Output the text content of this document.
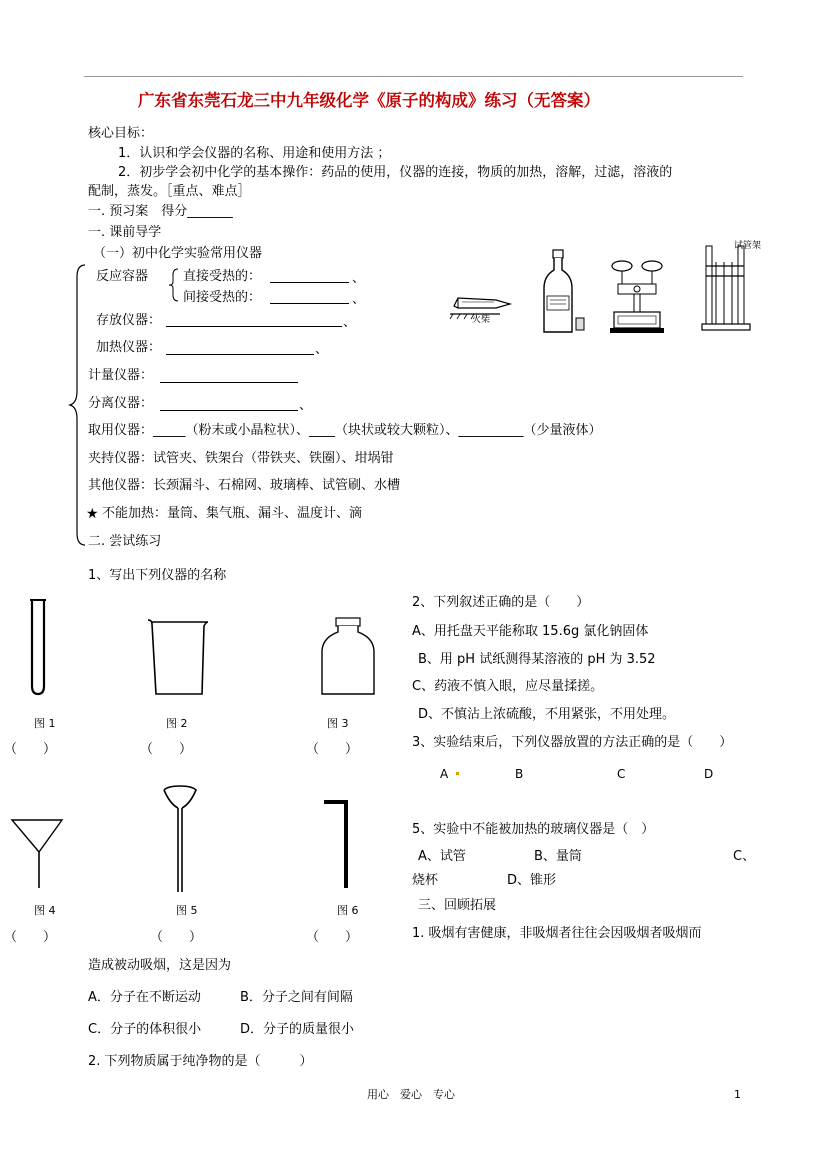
广东省东莞石龙三中九年级化学《原子的构成》练习（无答案）
核心目标：
1．认识和学会仪器的名称、用途和使用方法 ；
2．初步学会初中化学的基本操作：药品的使用，仪器的连接，物质的加热，溶解，过滤，溶液的
配制，蒸发。［重点、难点］
一. 预习案　得分_______
一. 课前导学
（一）初中化学实验常用仪器
反应容器	直接受热的：	、
间接受热的：	、
存放仪器：	、
加热仪器：	、
计量仪器：
分离仪器：	、
取用仪器：_____（粉末或小晶粒状）、____（块状或较大颗粒）、__________（少量液体）
夹持仪器：试管夹、铁架台（带铁夹、铁圈）、坩埚钳
其他仪器：长颈漏斗、石棉网、玻璃棒、试管刷、水槽
★ 不能加热：量筒、集气瓶、漏斗、温度计、滴
二. 尝试练习
火柴
试管架
1、写出下列仪器的名称
图 1	图 2	图 3
（　　）	（　　）	（　　）
图 4	图 5	图 6
（　　）	（　　）	（　　）
2、下列叙述正确的是（　　）
A、用托盘天平能称取 15.6g 氯化钠固体
B、用 pH 试纸测得某溶液的 pH 为 3.52
C、药液不慎入眼，应尽量揉搓。
D、不慎沾上浓硫酸，不用紧张，不用处理。
3、实验结束后，下列仪器放置的方法正确的是（　　）
A	B	C	D
5、实验中不能被加热的玻璃仪器是（　）
A、试管	B、量筒	C、
烧杯	D、锥形
三、回顾拓展
1. 吸烟有害健康，非吸烟者往往会因吸烟者吸烟而
造成被动吸烟，这是因为
A．分子在不断运动	B．分子之间有间隔
C．分子的体积很小	D．分子的质量很小
2. 下列物质属于纯净物的是（　　　）
用心　爱心　专心	1
